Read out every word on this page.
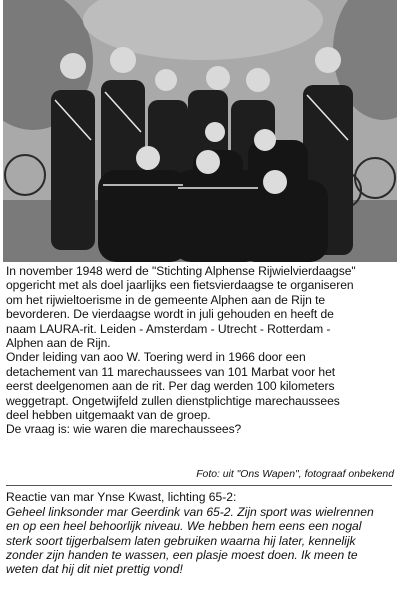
In november 1948 werd de "Stichting Alphense Rijwielvierdaagse"

opgericht met als doel jaarlijks een fietsvierdaagse te organiseren

om het rijwieltoerisme in de gemeente Alphen aan de Rijn te

bevorderen. De vierdaagse wordt in juli gehouden en heeft de

naam LAURA-rit. Leiden - Amsterdam - Utrecht - Rotterdam -

Alphen aan de Rijn.

Onder leiding van aoo W. Toering werd in 1966 door een

detachement van 11 marechaussees van 101 Marbat voor het

eerst deelgenomen aan de rit. Per dag werden 100 kilometers

weggetrapt. Ongetwijfeld zullen dienstplichtige marechaussees

deel hebben uitgemaakt van de groep.

De vraag is: wie waren die marechaussees?

Foto: uit "Ons Wapen", fotograaf onbekend
Reactie van mar Ynse Kwast, lichting 65-2:

Geheel linksonder mar Geerdink van 65-2. Zijn sport was wielrennen

en op een heel behoorlijk niveau. We hebben hem eens een nogal

sterk soort tijgerbalsem laten gebruiken waarna hij later, kennelijk

zonder zijn handen te wassen, een plasje moest doen. Ik meen te

weten dat hij dit niet prettig vond!
